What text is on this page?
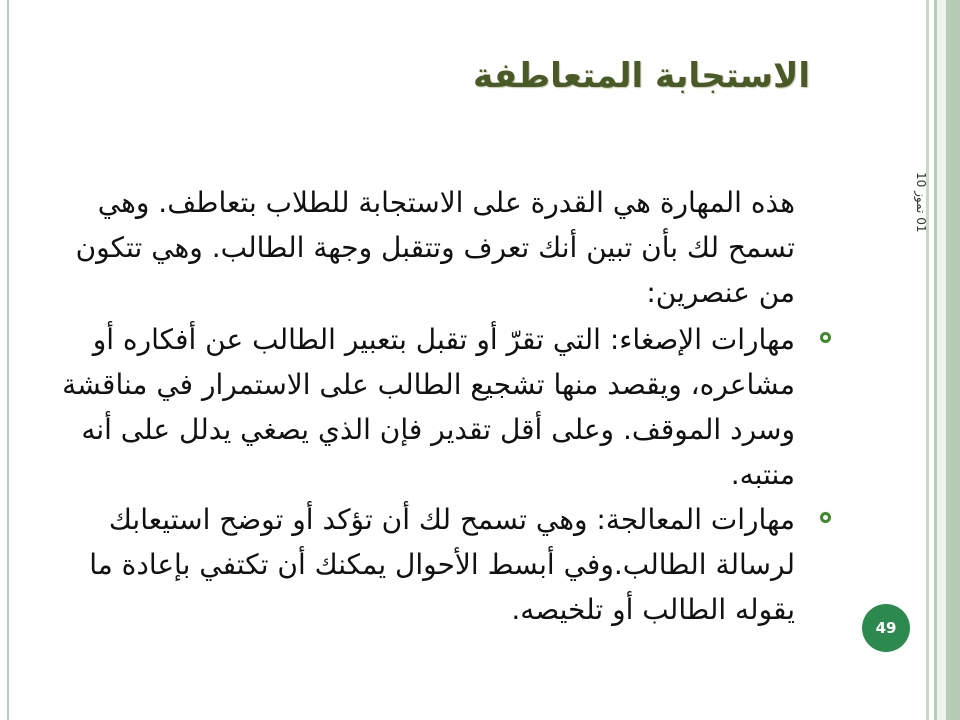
الاستجابة المتعاطفة
01 تموز 10

هذه المهارة هي القدرة على الاستجابة للطلاب بتعاطف. وهي تسمح لك بأن تبين أنك تعرف وتتقبل وجهة الطالب. وهي تتكون من عنصرين:

مهارات الإصغاء: التي تقرّ أو تقبل بتعبير الطالب عن أفكاره أو مشاعره، ويقصد منها تشجيع الطالب على الاستمرار في مناقشة وسرد الموقف. وعلى أقل تقدير فإن الذي يصغي يدلل على أنه منتبه.
مهارات المعالجة: وهي تسمح لك أن تؤكد أو توضح استيعابك لرسالة الطالب.وفي أبسط الأحوال يمكنك أن تكتفي بإعادة ما يقوله الطالب أو تلخيصه.
49
